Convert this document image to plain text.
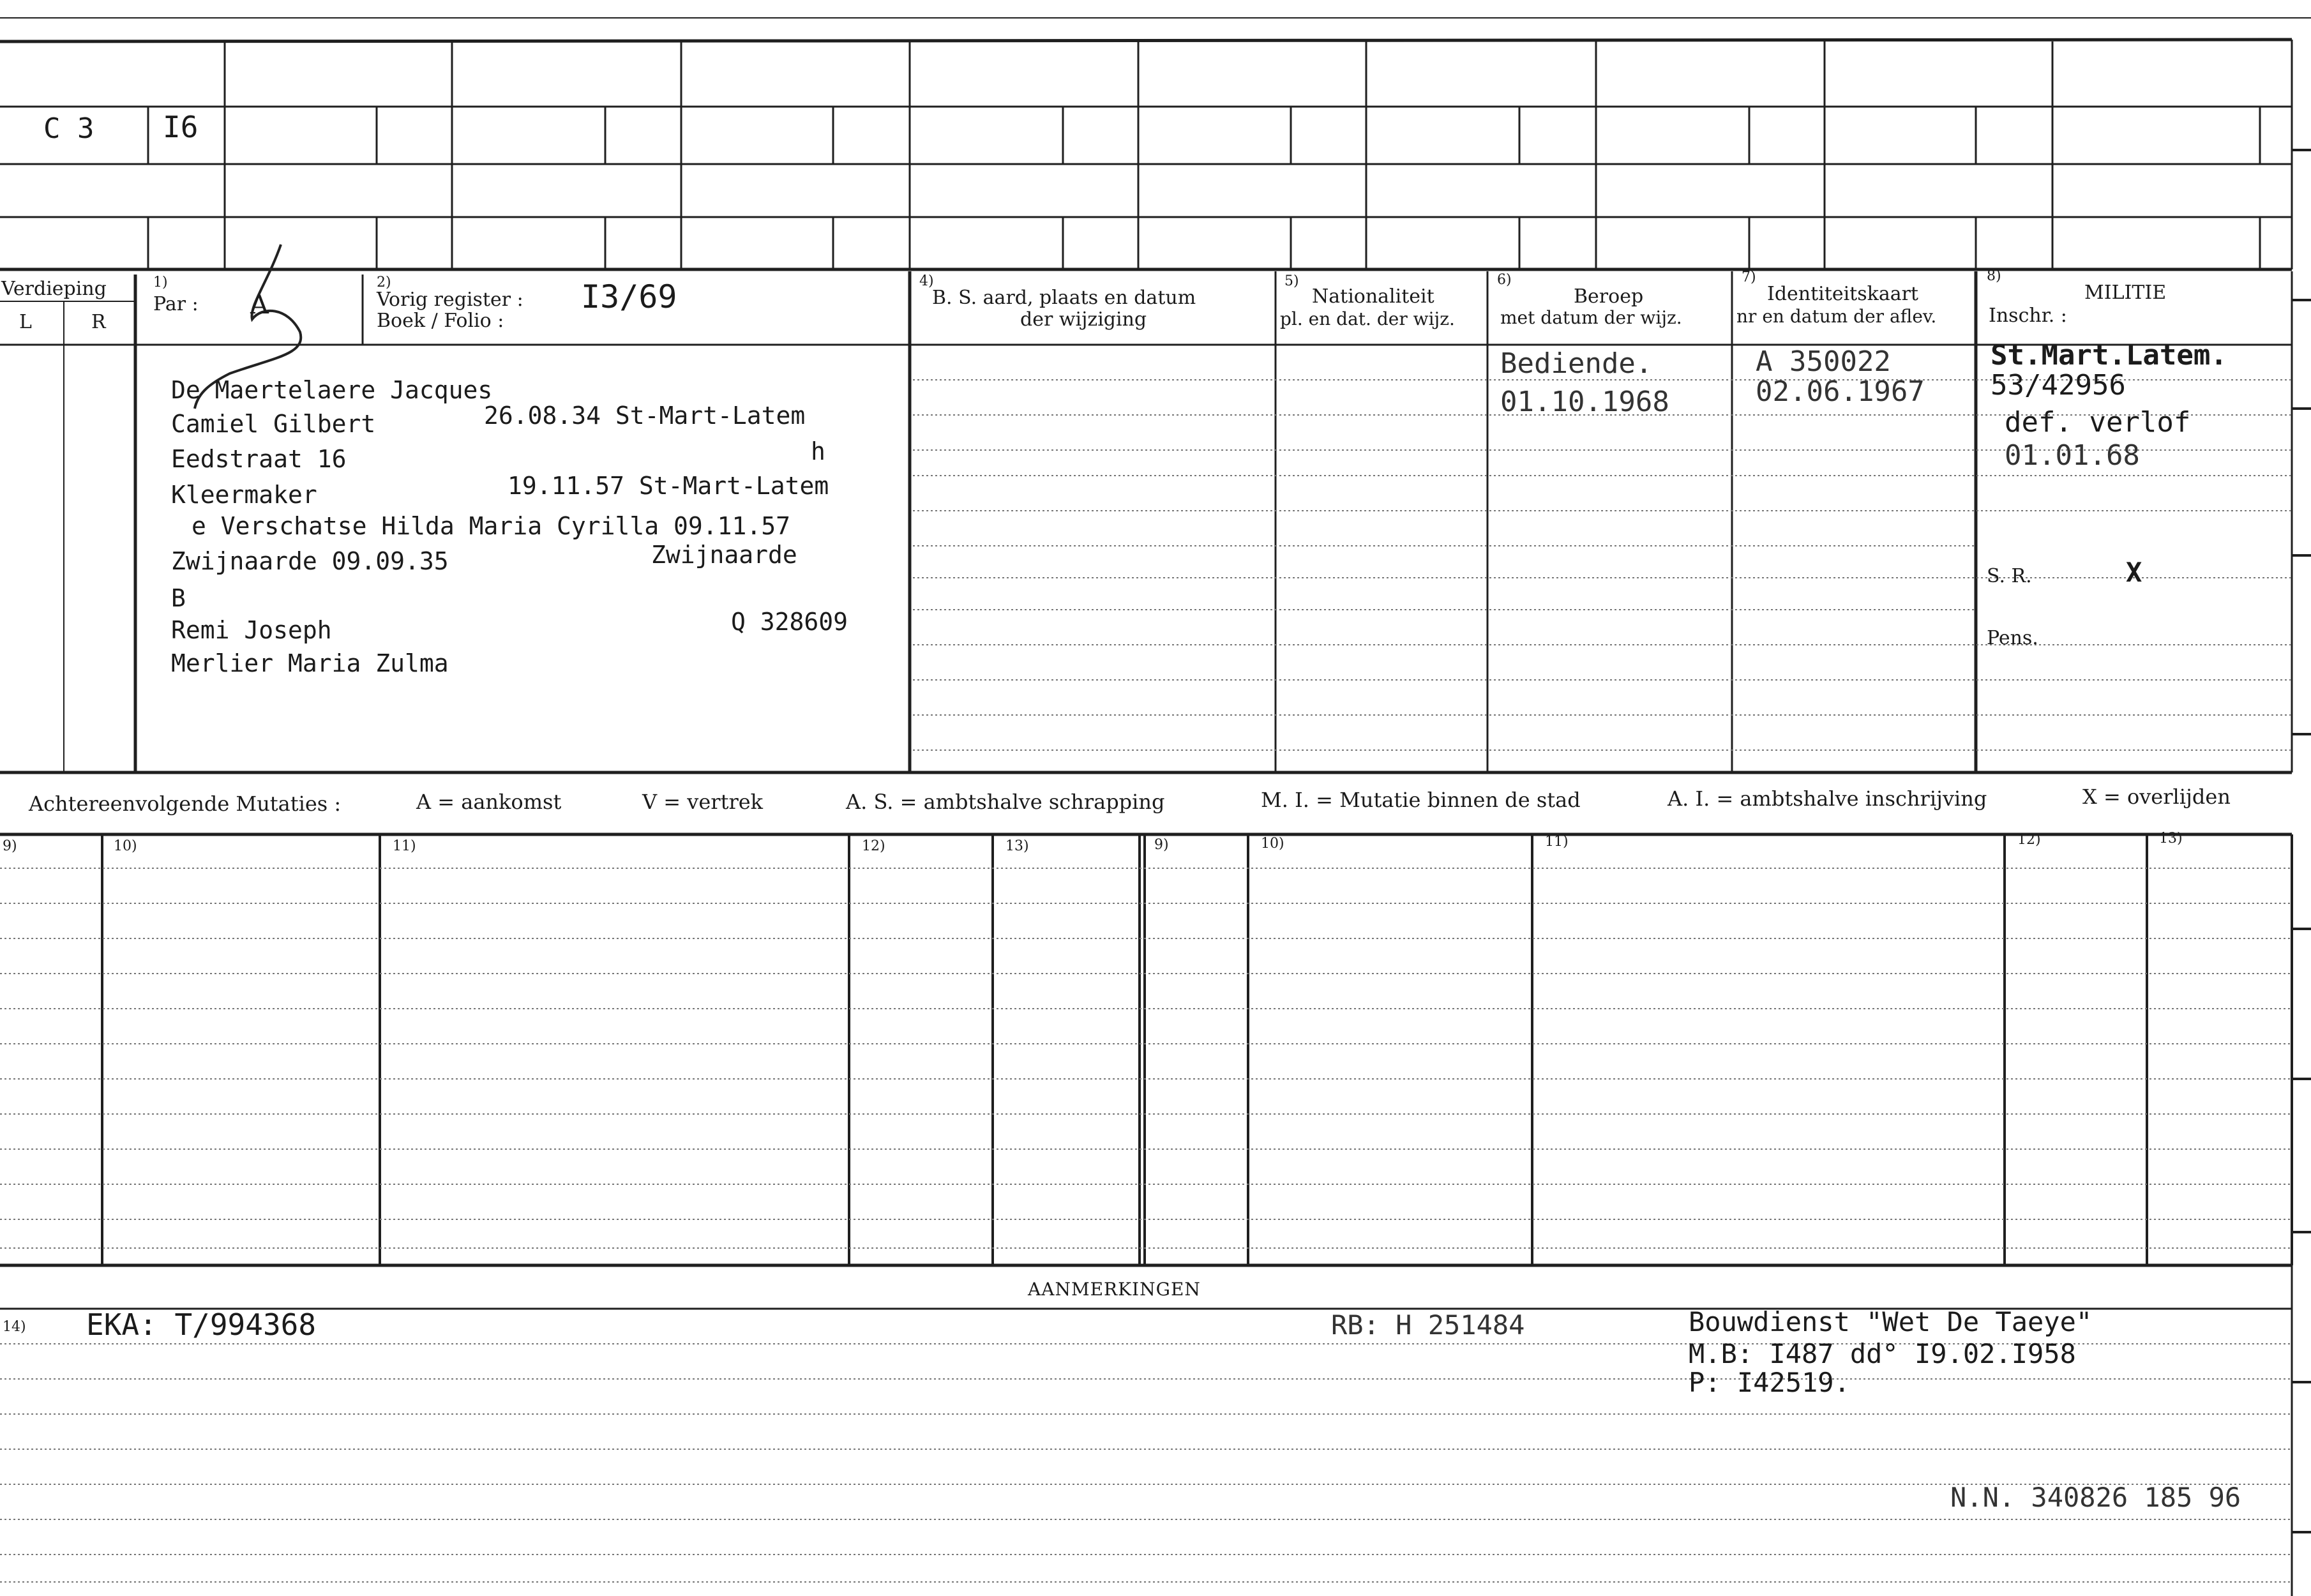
C 3 I6
Verdieping
L	R
1)
Par : A
2)
Vorig register : I3/69
Boek / Folio :
4)
B. S. aard, plaats en datum
der wijziging
5)
Nationaliteit
pl. en dat. der wijz.
6)
Beroep
met datum der wijz.
7)
Identiteitskaart
nr en datum der aflev.
8)
MILITIE
Inschr. :
De Maertelaere Jacques
Camiel Gilbert	26.08.34 St-Mart-Latem
Eedstraat 16	h
Kleermaker	19.11.57 St-Mart-Latem
e Verschatse Hilda Maria Cyrilla 09.11.57
Zwijnaarde 09.09.35	Zwijnaarde
B
Remi Joseph	Q 328609
Merlier Maria Zulma
Bediende.
01.10.1968
A 350022
02.06.1967
St.Mart.Latem.
53/42956
def. verlof
01.01.68
S. R.	X
Pens.
Achtereenvolgende Mutaties :	A = aankomst	V = vertrek	A. S. = ambtshalve schrapping	M. I. = Mutatie binnen de stad	A. I. = ambtshalve inschrijving	X = overlijden
9)	10)	11)	12)	13)	9)	10)	11)	12)	13)
AANMERKINGEN
14) EKA: T/994368	RB: H 251484	Bouwdienst "Wet De Taeye"
M.B: I487 dd° I9.02.I958
P: I42519.
N.N. 340826 185 96
